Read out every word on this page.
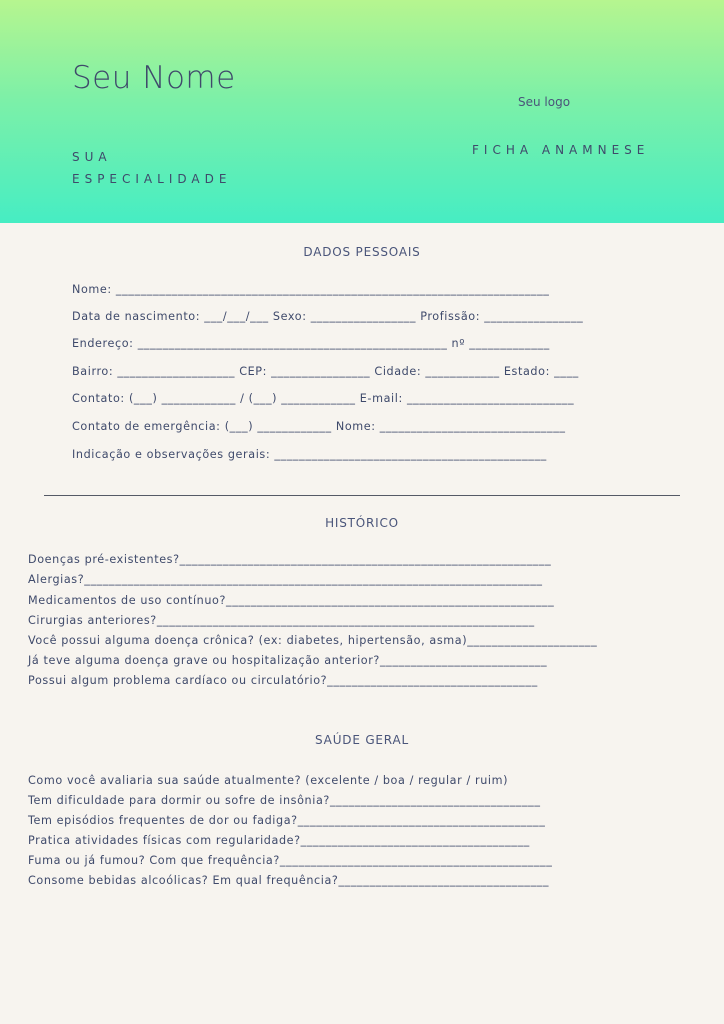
Seu Nome
Seu logo
SUA
ESPECIALIDADE
FICHA ANAMNESE
DADOS PESSOAIS
Nome: ______________________________________________________________________
Data de nascimento: ___/___/___ Sexo: _________________ Profissão: ________________
Endereço: __________________________________________________ nº _____________
Bairro: ___________________ CEP: ________________ Cidade: ____________ Estado: ____
Contato: (___) ____________ / (___) ____________ E-mail: ___________________________
Contato de emergência: (___) ____________ Nome: ______________________________
Indicação e observações gerais: ____________________________________________
HISTÓRICO
Doenças pré-existentes?____________________________________________________________
Alergias?__________________________________________________________________________
Medicamentos de uso contínuo?_____________________________________________________
Cirurgias anteriores?_____________________________________________________________
Você possui alguma doença crônica? (ex: diabetes, hipertensão, asma)_____________________
Já teve alguma doença grave ou hospitalização anterior?___________________________
Possui algum problema cardíaco ou circulatório?__________________________________
SAÚDE GERAL
Como você avaliaria sua saúde atualmente? (excelente / boa / regular / ruim)
Tem dificuldade para dormir ou sofre de insônia?__________________________________
Tem episódios frequentes de dor ou fadiga?________________________________________
Pratica atividades físicas com regularidade?_____________________________________
Fuma ou já fumou? Com que frequência?____________________________________________
Consome bebidas alcoólicas? Em qual frequência?__________________________________
